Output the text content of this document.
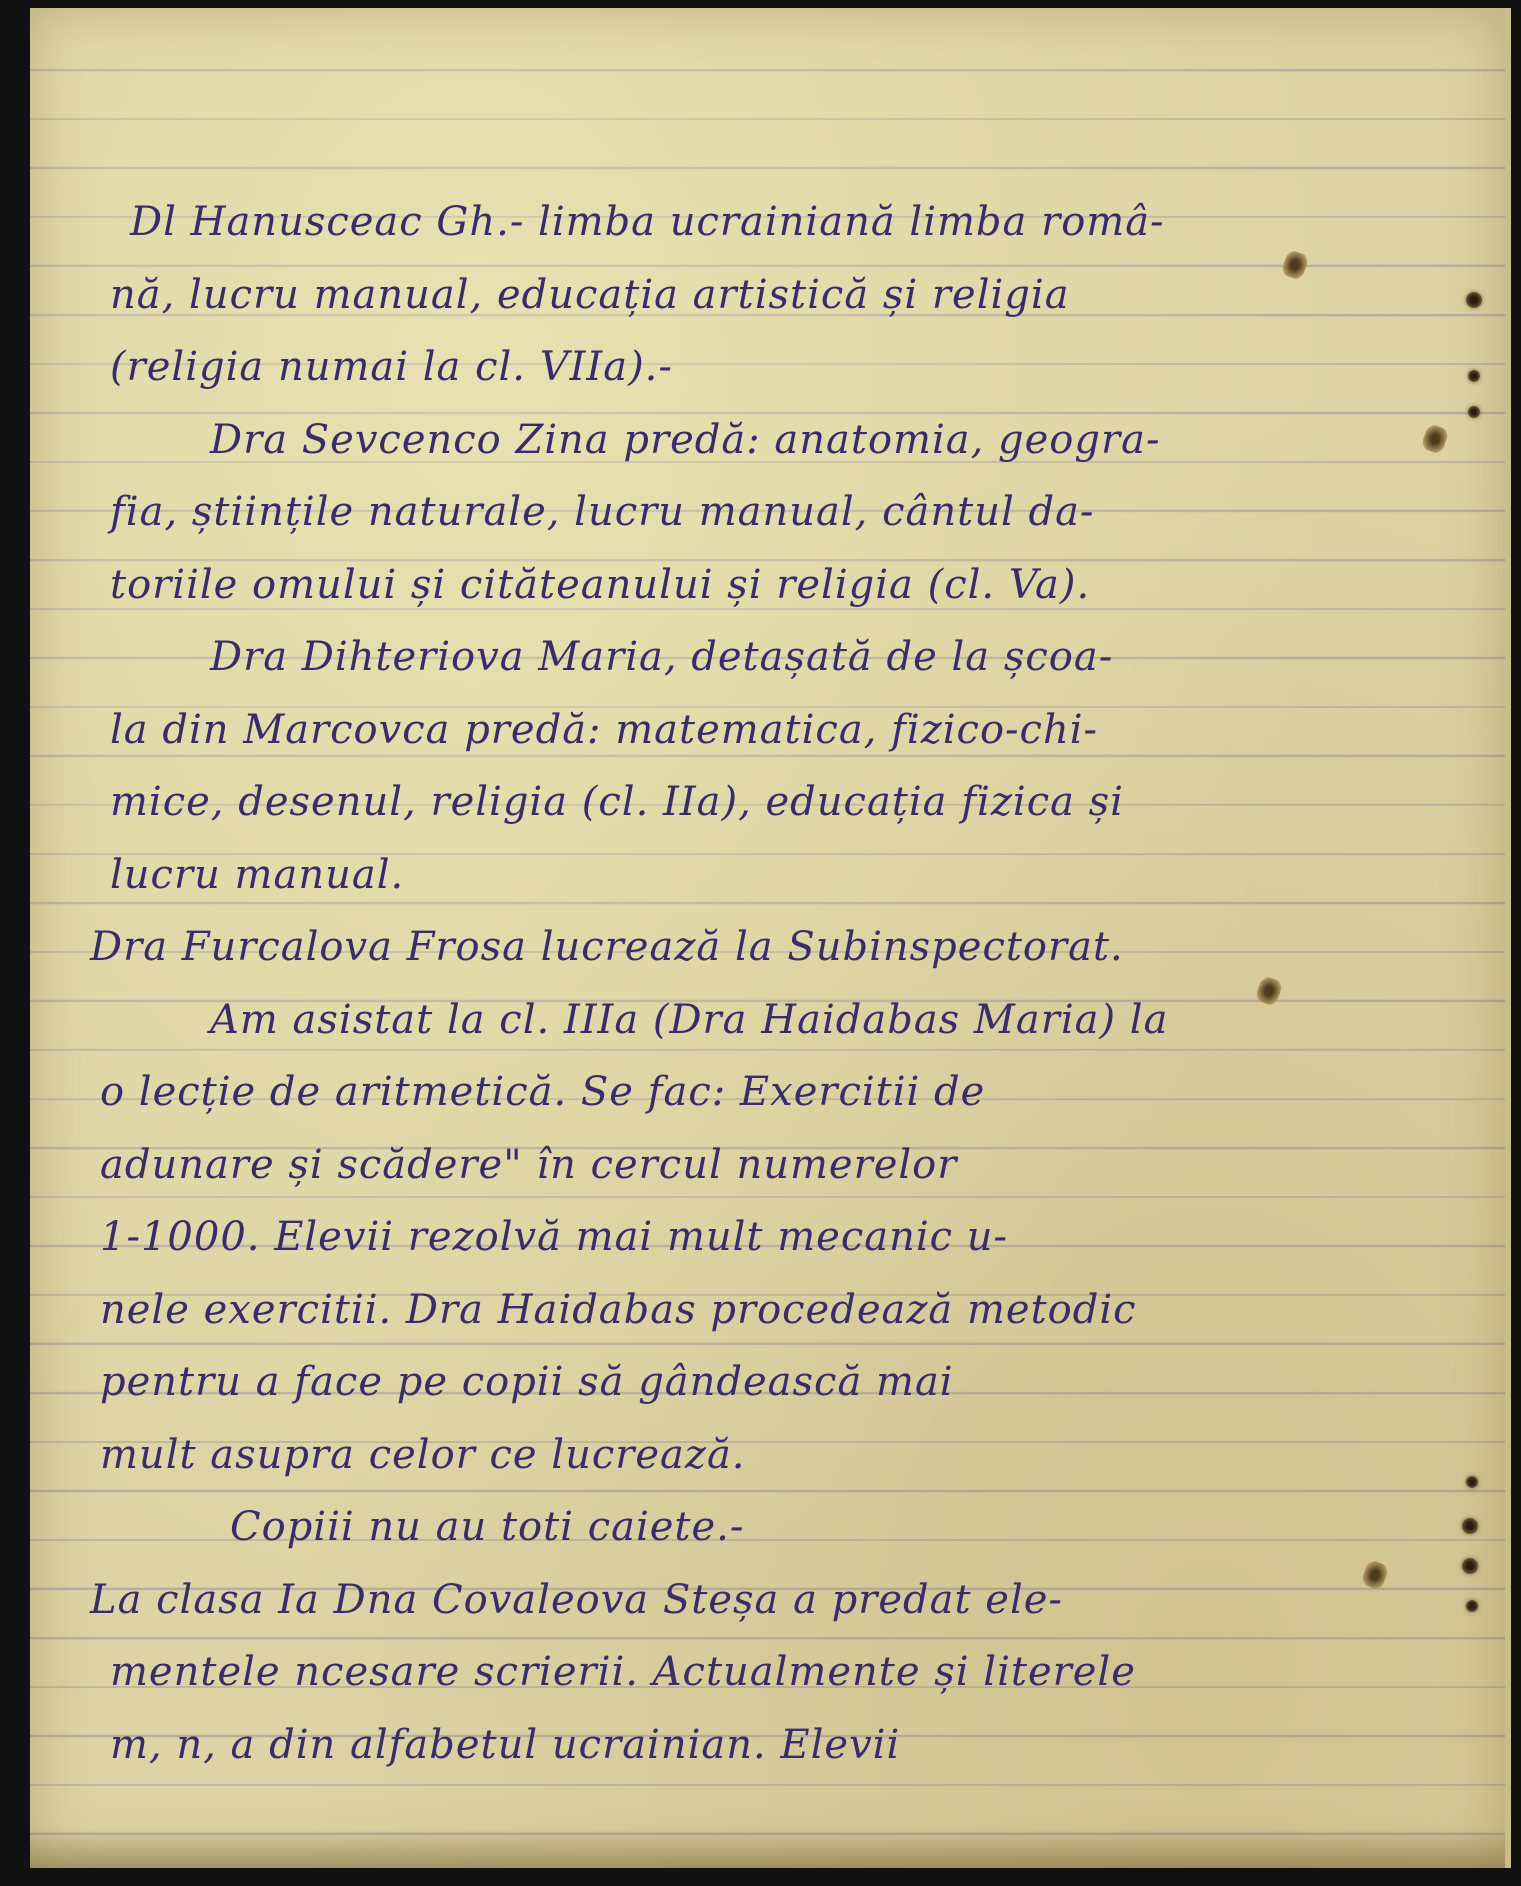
Dl Hanusceac Gh.- limba ucrainiană limba româ-
nă, lucru manual, educația artistică și religia
(religia numai la cl. VIIa).-
Dra Sevcenco Zina predă: anatomia, geogra-
fia, științile naturale, lucru manual, cântul da-
toriile omului și cităteanului și religia (cl. Va).
Dra Dihteriova Maria, detașată de la școa-
la din Marcovca predă: matematica, fizico-chi-
mice, desenul, religia (cl. IIa), educația fizica și
lucru manual.
Dra Furcalova Frosa lucrează la Subinspectorat.
Am asistat la cl. IIIa (Dra Haidabas Maria) la
o lecție de aritmetică. Se fac: Exercitii de
adunare și scădere" în cercul numerelor
1-1000. Elevii rezolvă mai mult mecanic u-
nele exercitii. Dra Haidabas procedează metodic
pentru a face pe copii să gândească mai
mult asupra celor ce lucrează.
Copiii nu au toti caiete.-
La clasa Ia Dna Covaleova Steșa a predat ele-
mentele ncesare scrierii. Actualmente și literele
m, n, a din alfabetul ucrainian. Elevii
